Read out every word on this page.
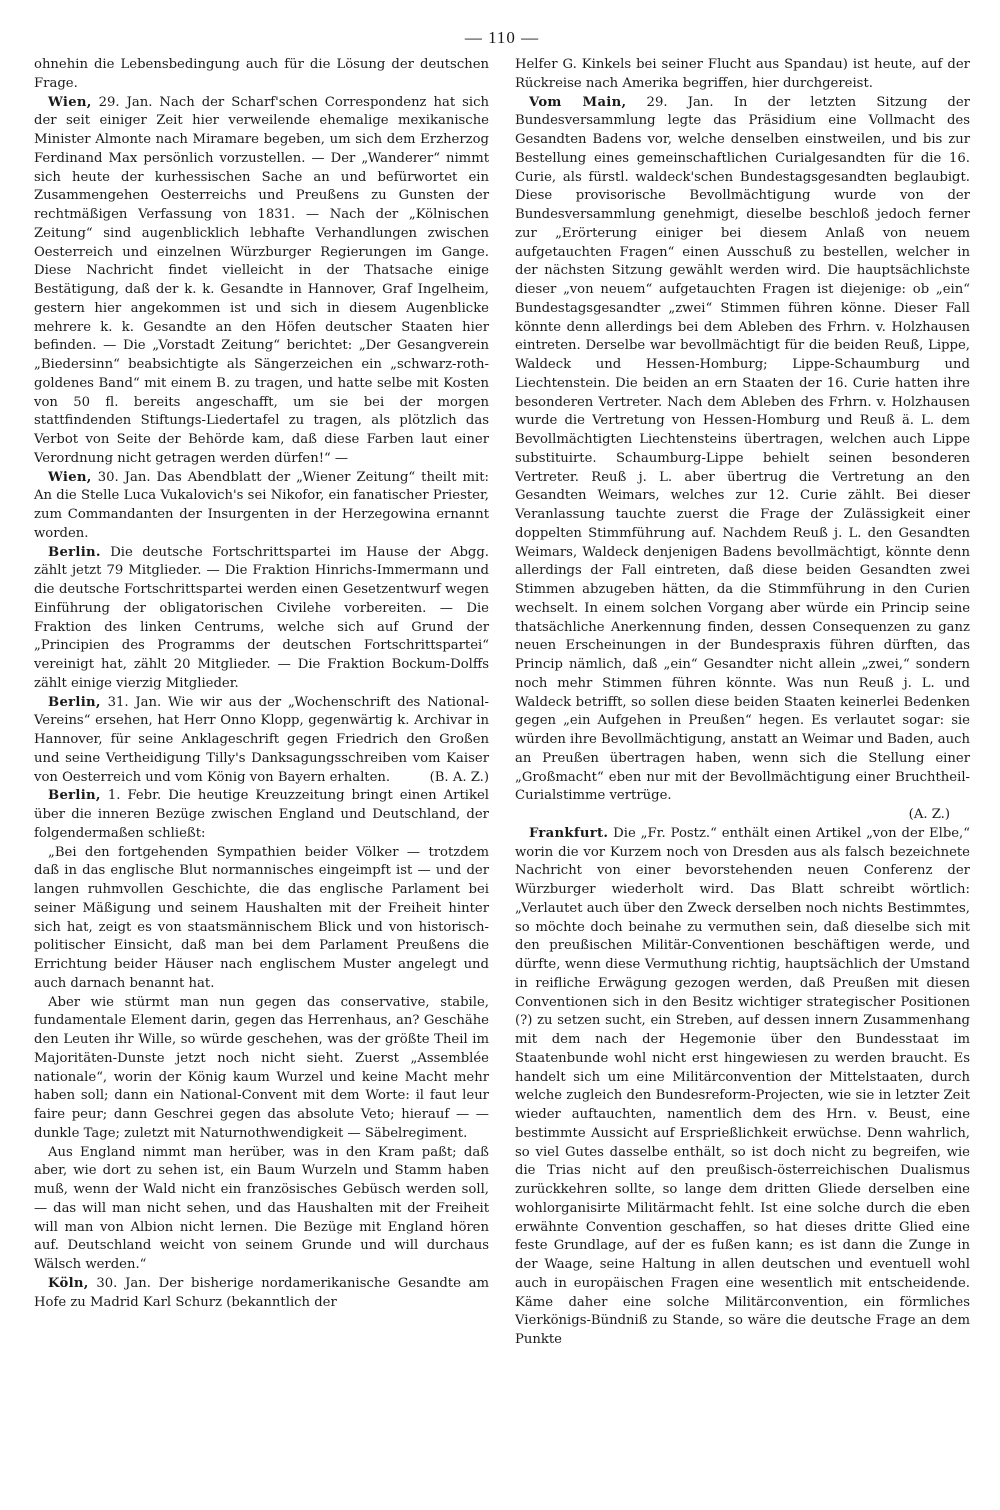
— 110 —

ohnehin die Lebensbedingung auch für die Lösung der deutschen Frage.

Wien, 29. Jan. Nach der Scharf'schen Correspondenz hat sich der seit einiger Zeit hier verweilende ehemalige mexikanische Minister Almonte nach Miramare begeben, um sich dem Erzherzog Ferdinand Max persönlich vorzustellen. — Der „Wanderer“ nimmt sich heute der kurhessischen Sache an und befürwortet ein Zusammengehen Oesterreichs und Preußens zu Gunsten der rechtmäßigen Verfassung von 1831. — Nach der „Kölnischen Zeitung“ sind augenblicklich lebhafte Verhandlungen zwischen Oesterreich und einzelnen Würzburger Regierungen im Gange. Diese Nachricht findet vielleicht in der Thatsache einige Bestätigung, daß der k. k. Gesandte in Hannover, Graf Ingelheim, gestern hier angekommen ist und sich in diesem Augenblicke mehrere k. k. Gesandte an den Höfen deutscher Staaten hier befinden. — Die „Vorstadt Zeitung“ berichtet: „Der Gesangverein „Biedersinn“ beabsichtigte als Sängerzeichen ein „schwarz-roth-goldenes Band“ mit einem B. zu tragen, und hatte selbe mit Kosten von 50 fl. bereits angeschafft, um sie bei der morgen stattfindenden Stiftungs-Liedertafel zu tragen, als plötzlich das Verbot von Seite der Behörde kam, daß diese Farben laut einer Verordnung nicht getragen werden dürfen!“ —

Wien, 30. Jan. Das Abendblatt der „Wiener Zeitung“ theilt mit: An die Stelle Luca Vukalovich's sei Nikofor, ein fanatischer Priester, zum Commandanten der Insurgenten in der Herzegowina ernannt worden.

Berlin. Die deutsche Fortschrittspartei im Hause der Abgg. zählt jetzt 79 Mitglieder. — Die Fraktion Hinrichs-Immermann und die deutsche Fortschrittspartei werden einen Gesetzentwurf wegen Einführung der obligatorischen Civilehe vorbereiten. — Die Fraktion des linken Centrums, welche sich auf Grund der „Principien des Programms der deutschen Fortschrittspartei“ vereinigt hat, zählt 20 Mitglieder. — Die Fraktion Bockum-Dolffs zählt einige vierzig Mitglieder.

Berlin, 31. Jan. Wie wir aus der „Wochenschrift des National-Vereins“ ersehen, hat Herr Onno Klopp, gegenwärtig k. Archivar in Hannover, für seine Anklageschrift gegen Friedrich den Großen und seine Vertheidigung Tilly's Danksagungsschreiben vom Kaiser von Oesterreich und vom König von Bayern erhalten.	(B. A. Z.)

Berlin, 1. Febr. Die heutige Kreuzzeitung bringt einen Artikel über die inneren Bezüge zwischen England und Deutschland, der folgendermaßen schließt:

„Bei den fortgehenden Sympathien beider Völker — trotzdem daß in das englische Blut normannisches eingeimpft ist — und der langen ruhmvollen Geschichte, die das englische Parlament bei seiner Mäßigung und seinem Haushalten mit der Freiheit hinter sich hat, zeigt es von staatsmännischem Blick und von historisch-politischer Einsicht, daß man bei dem Parlament Preußens die Errichtung beider Häuser nach englischem Muster angelegt und auch darnach benannt hat.

Aber wie stürmt man nun gegen das conservative, stabile, fundamentale Element darin, gegen das Herrenhaus, an? Geschähe den Leuten ihr Wille, so würde geschehen, was der größte Theil im Majoritäten-Dunste jetzt noch nicht sieht. Zuerst „Assemblée nationale“, worin der König kaum Wurzel und keine Macht mehr haben soll; dann ein National-Convent mit dem Worte: il faut leur faire peur; dann Geschrei gegen das absolute Veto; hierauf — — dunkle Tage; zuletzt mit Naturnothwendigkeit — Säbelregiment.

Aus England nimmt man herüber, was in den Kram paßt; daß aber, wie dort zu sehen ist, ein Baum Wurzeln und Stamm haben muß, wenn der Wald nicht ein französisches Gebüsch werden soll, — das will man nicht sehen, und das Haushalten mit der Freiheit will man von Albion nicht lernen. Die Bezüge mit England hören auf. Deutschland weicht von seinem Grunde und will durchaus Wälsch werden.“

Köln, 30. Jan. Der bisherige nordamerikanische Gesandte am Hofe zu Madrid Karl Schurz (bekanntlich der

Helfer G. Kinkels bei seiner Flucht aus Spandau) ist heute, auf der Rückreise nach Amerika begriffen, hier durchgereist.

Vom Main, 29. Jan. In der letzten Sitzung der Bundesversammlung legte das Präsidium eine Vollmacht des Gesandten Badens vor, welche denselben einstweilen, und bis zur Bestellung eines gemeinschaftlichen Curialgesandten für die 16. Curie, als fürstl. waldeck'schen Bundestagsgesandten beglaubigt. Diese provisorische Bevollmächtigung wurde von der Bundesversammlung genehmigt, dieselbe beschloß jedoch ferner zur „Erörterung einiger bei diesem Anlaß von neuem aufgetauchten Fragen“ einen Ausschuß zu bestellen, welcher in der nächsten Sitzung gewählt werden wird. Die hauptsächlichste dieser „von neuem“ aufgetauchten Fragen ist diejenige: ob „ein“ Bundestagsgesandter „zwei“ Stimmen führen könne. Dieser Fall könnte denn allerdings bei dem Ableben des Frhrn. v. Holzhausen eintreten. Derselbe war bevollmächtigt für die beiden Reuß, Lippe, Waldeck und Hessen-Homburg; Lippe-Schaumburg und Liechtenstein. Die beiden an ern Staaten der 16. Curie hatten ihre besonderen Vertreter. Nach dem Ableben des Frhrn. v. Holzhausen wurde die Vertretung von Hessen-Homburg und Reuß ä. L. dem Bevollmächtigten Liechtensteins übertragen, welchen auch Lippe substituirte. Schaumburg-Lippe behielt seinen besonderen Vertreter. Reuß j. L. aber übertrug die Vertretung an den Gesandten Weimars, welches zur 12. Curie zählt. Bei dieser Veranlassung tauchte zuerst die Frage der Zulässigkeit einer doppelten Stimmführung auf. Nachdem Reuß j. L. den Gesandten Weimars, Waldeck denjenigen Badens bevollmächtigt, könnte denn allerdings der Fall eintreten, daß diese beiden Gesandten zwei Stimmen abzugeben hätten, da die Stimmführung in den Curien wechselt. In einem solchen Vorgang aber würde ein Princip seine thatsächliche Anerkennung finden, dessen Consequenzen zu ganz neuen Erscheinungen in der Bundespraxis führen dürften, das Princip nämlich, daß „ein“ Gesandter nicht allein „zwei,“ sondern noch mehr Stimmen führen könnte. Was nun Reuß j. L. und Waldeck betrifft, so sollen diese beiden Staaten keinerlei Bedenken gegen „ein Aufgehen in Preußen“ hegen. Es verlautet sogar: sie würden ihre Bevollmächtigung, anstatt an Weimar und Baden, auch an Preußen übertragen haben, wenn sich die Stellung einer „Großmacht“ eben nur mit der Bevollmächtigung einer Bruchtheil-Curialstimme vertrüge.

(A. Z.)

Frankfurt. Die „Fr. Postz.“ enthält einen Artikel „von der Elbe,“ worin die vor Kurzem noch von Dresden aus als falsch bezeichnete Nachricht von einer bevorstehenden neuen Conferenz der Würzburger wiederholt wird. Das Blatt schreibt wörtlich: „Verlautet auch über den Zweck derselben noch nichts Bestimmtes, so möchte doch beinahe zu vermuthen sein, daß dieselbe sich mit den preußischen Militär-Conventionen beschäftigen werde, und dürfte, wenn diese Vermuthung richtig, hauptsächlich der Umstand in reifliche Erwägung gezogen werden, daß Preußen mit diesen Conventionen sich in den Besitz wichtiger strategischer Positionen (?) zu setzen sucht, ein Streben, auf dessen innern Zusammenhang mit dem nach der Hegemonie über den Bundesstaat im Staatenbunde wohl nicht erst hingewiesen zu werden braucht. Es handelt sich um eine Militärconvention der Mittelstaaten, durch welche zugleich den Bundesreform-Projecten, wie sie in letzter Zeit wieder auftauchten, namentlich dem des Hrn. v. Beust, eine bestimmte Aussicht auf Ersprießlichkeit erwüchse. Denn wahrlich, so viel Gutes dasselbe enthält, so ist doch nicht zu begreifen, wie die Trias nicht auf den preußisch-österreichischen Dualismus zurückkehren sollte, so lange dem dritten Gliede derselben eine wohlorganisirte Militärmacht fehlt. Ist eine solche durch die eben erwähnte Convention geschaffen, so hat dieses dritte Glied eine feste Grundlage, auf der es fußen kann; es ist dann die Zunge in der Waage, seine Haltung in allen deutschen und eventuell wohl auch in europäischen Fragen eine wesentlich mit entscheidende. Käme daher eine solche Militärconvention, ein förmliches Vierkönigs-Bündniß zu Stande, so wäre die deutsche Frage an dem Punkte
